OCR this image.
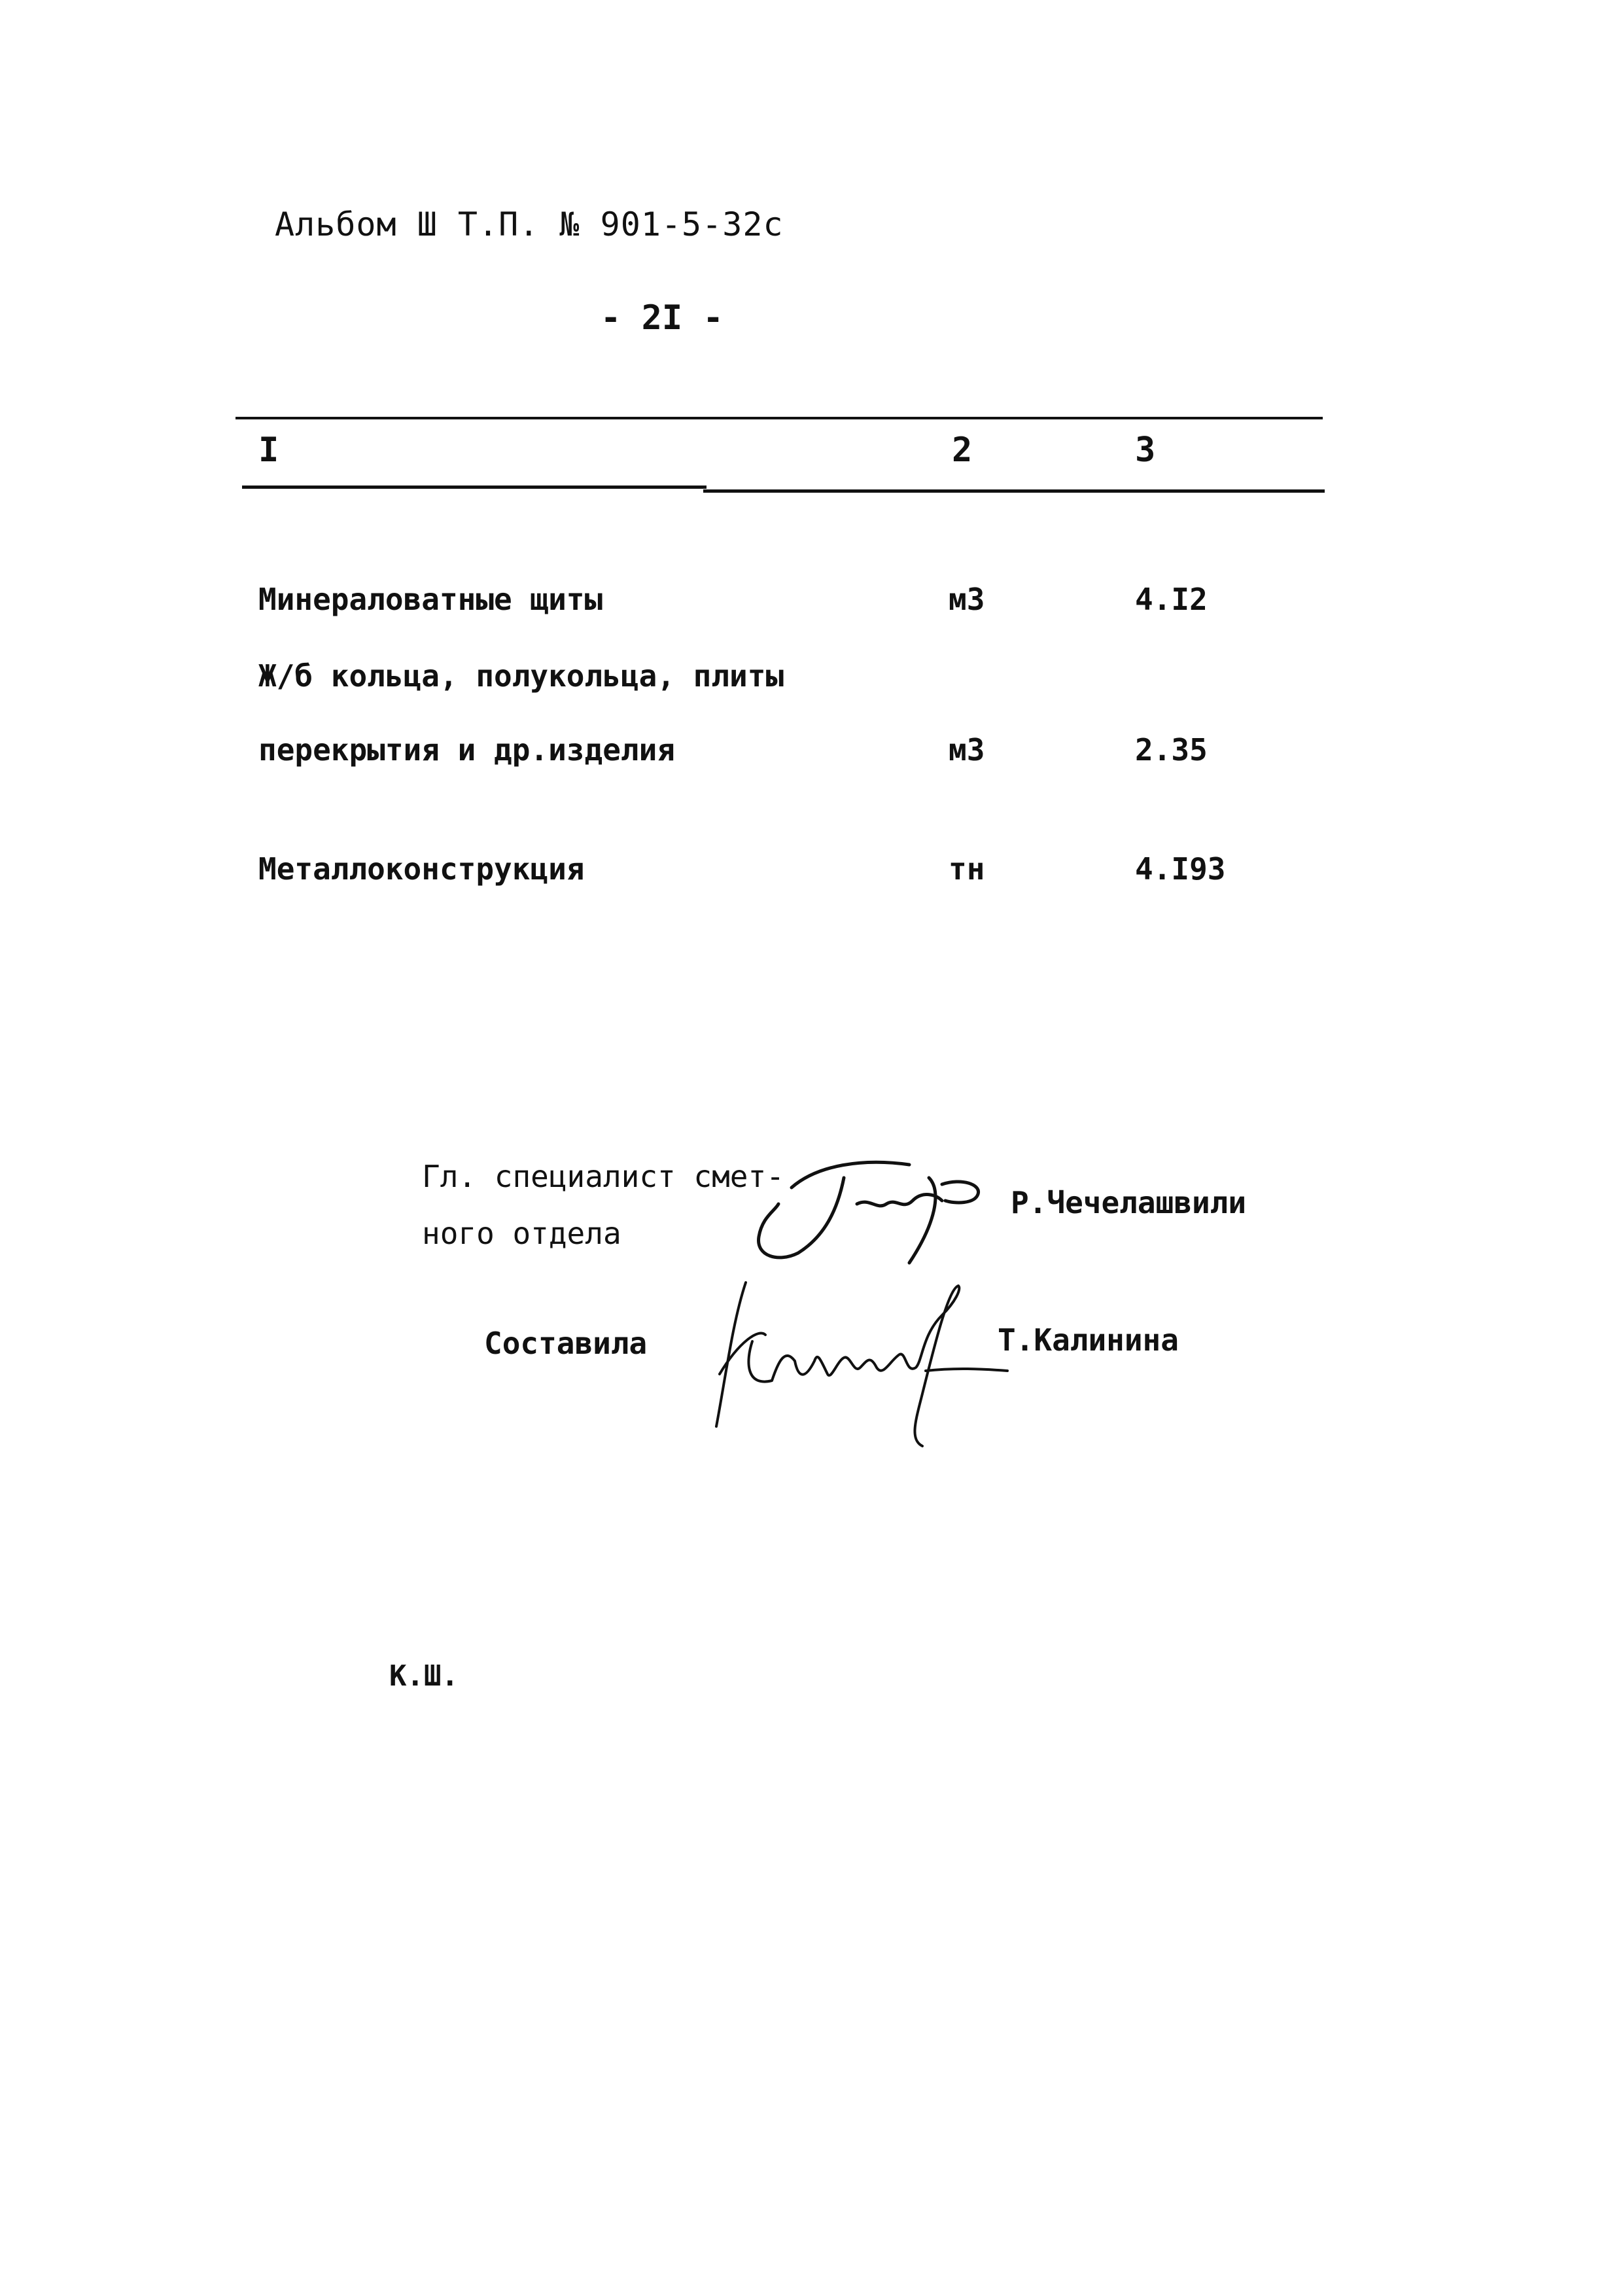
Альбом Ш Т.П. № 901-5-32с
- 2I -
I	2	3
Минераловатные щиты	м3	4.I2
Ж/б кольца, полукольца, плиты
перекрытия и др.изделия	м3	2.35
Металлоконструкция	тн	4.I93
Гл. специалист смет-
ного отдела
Р.Чечелашвили
Составила	Т.Калинина
К.Ш.
